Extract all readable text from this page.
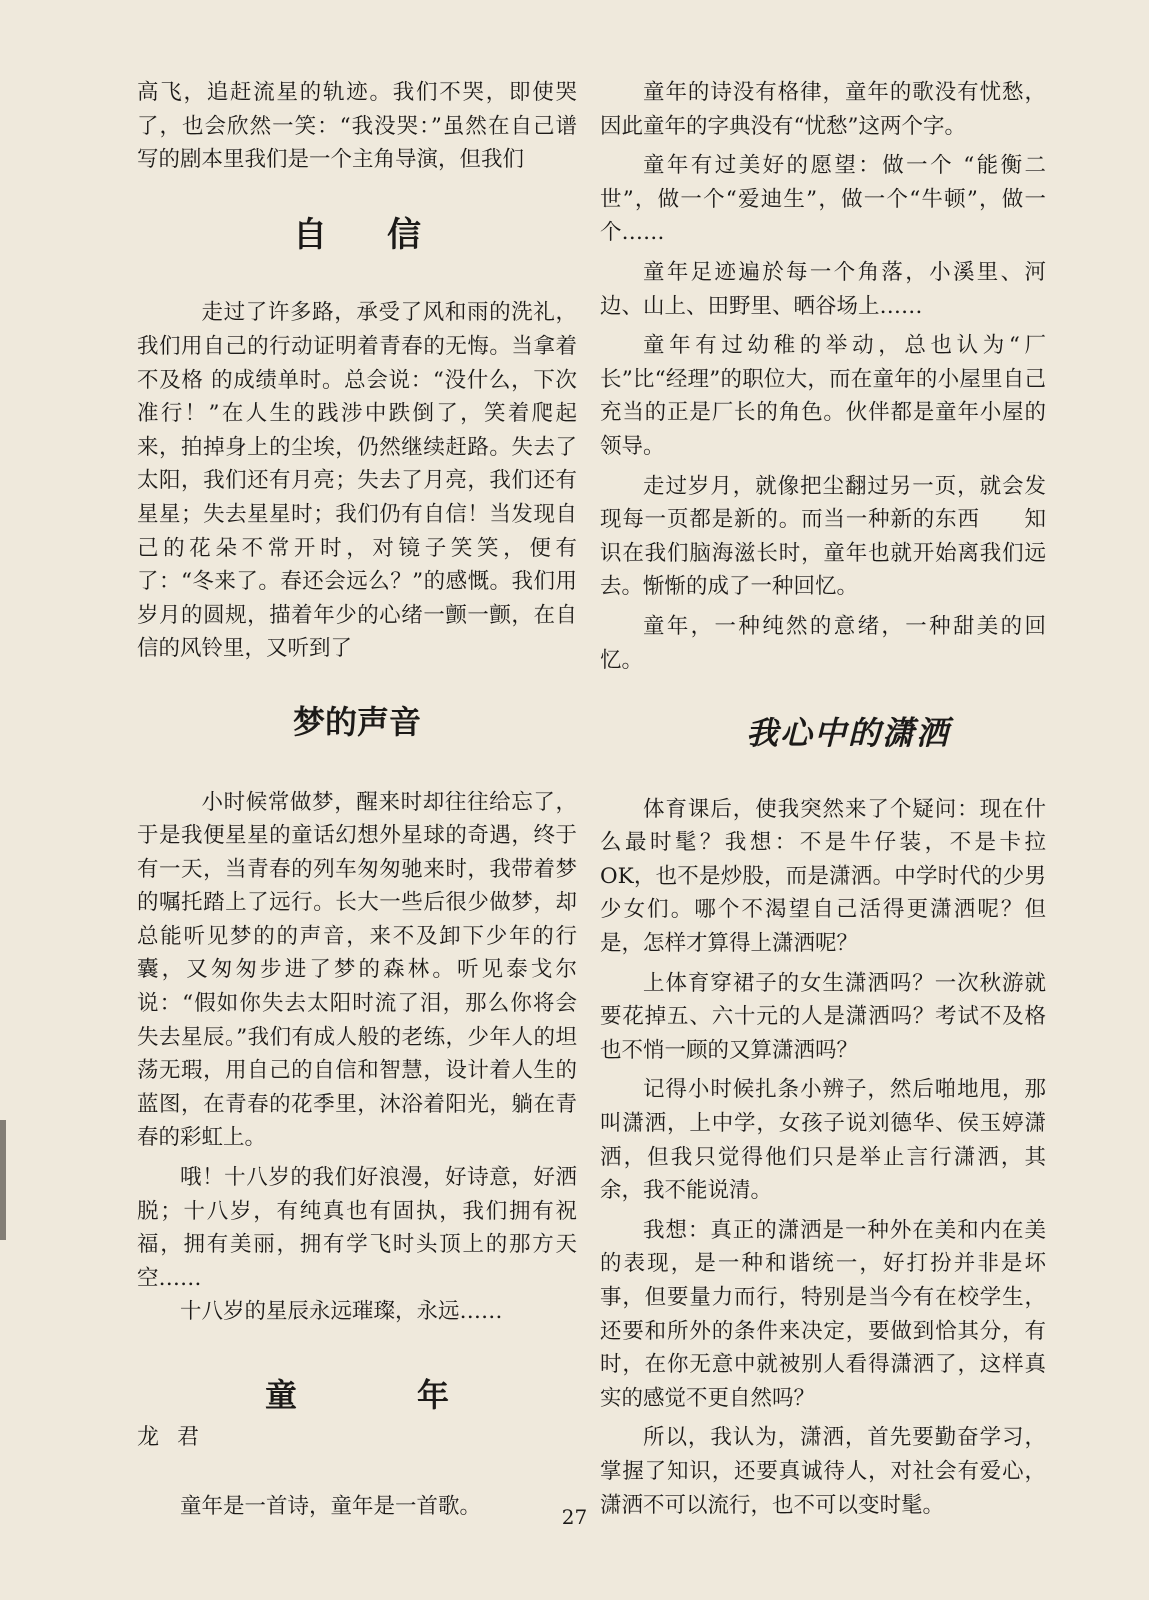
高飞，追赶流星的轨迹。我们不哭，即使哭了，也会欣然一笑：“我没哭：”虽然在自己谱写的剧本里我们是一个主角导演，但我们

自信

走过了许多路，承受了风和雨的洗礼，我们用自己的行动证明着青春的无悔。当拿着不及格 的成绩单时。总会说：“没什么，下次准行！”在人生的践涉中跌倒了，笑着爬起来，拍掉身上的尘埃，仍然继续赶路。失去了太阳，我们还有月亮；失去了月亮，我们还有星星；失去星星时；我们仍有自信！当发现自己的花朵不常开时，对镜子笑笑，便有了：“冬来了。春还会远么？”的感慨。我们用岁月的圆规，描着年少的心绪一颤一颤，在自信的风铃里，又听到了

梦的声音

小时候常做梦，醒来时却往往给忘了，于是我便星星的童话幻想外星球的奇遇，终于有一天，当青春的列车匆匆驰来时，我带着梦的嘱托踏上了远行。长大一些后很少做梦，却总能听见梦的的声音，来不及卸下少年的行囊，又匆匆步进了梦的森林。听见泰戈尔说：“假如你失去太阳时流了泪，那么你将会失去星辰。”我们有成人般的老练，少年人的坦荡无瑕，用自己的自信和智慧，设计着人生的蓝图，在青春的花季里，沐浴着阳光，躺在青春的彩虹上。

哦！十八岁的我们好浪漫，好诗意，好洒脱；十八岁，有纯真也有固执，我们拥有祝福，拥有美丽，拥有学飞时头顶上的那方天空……

十八岁的星辰永远璀璨，永远……

童年

龙君

童年是一首诗，童年是一首歌。

童年的诗没有格律，童年的歌没有忧愁，因此童年的字典没有“忧愁”这两个字。

童年有过美好的愿望：做一个 “能衡二世”，做一个“爱迪生”，做一个“牛顿”，做一个……

童年足迹遍於每一个角落，小溪里、河边、山上、田野里、晒谷场上……

童年有过幼稚的举动，总也认为“厂长”比“经理”的职位大，而在童年的小屋里自己充当的正是厂长的角色。伙伴都是童年小屋的领导。

走过岁月，就像把尘翻过另一页，就会发现每一页都是新的。而当一种新的东西　　知识在我们脑海滋长时，童年也就开始离我们远去。惭惭的成了一种回忆。

童年，一种纯然的意绪，一种甜美的回忆。

我心中的潇洒

体育课后，使我突然来了个疑问：现在什么最时髦？我想：不是牛仔装，不是卡拉 OK，也不是炒股，而是潇洒。中学时代的少男少女们。哪个不渴望自己活得更潇洒呢？但是，怎样才算得上潇洒呢？

上体育穿裙子的女生潇洒吗？一次秋游就要花掉五、六十元的人是潇洒吗？考试不及格也不悄一顾的又算潇洒吗？

记得小时候扎条小辨子，然后啪地甩，那叫潇洒，上中学，女孩子说刘德华、侯玉婷潇洒，但我只觉得他们只是举止言行潇洒，其余，我不能说清。

我想：真正的潇洒是一种外在美和内在美的表现，是一种和谐统一，好打扮并非是坏事，但要量力而行，特别是当今有在校学生，还要和所外的条件来决定，要做到恰其分，有时，在你无意中就被别人看得潇洒了，这样真实的感觉不更自然吗？

所以，我认为，潇洒，首先要勤奋学习，掌握了知识，还要真诚待人，对社会有爱心，潇洒不可以流行，也不可以变时髦。

27
